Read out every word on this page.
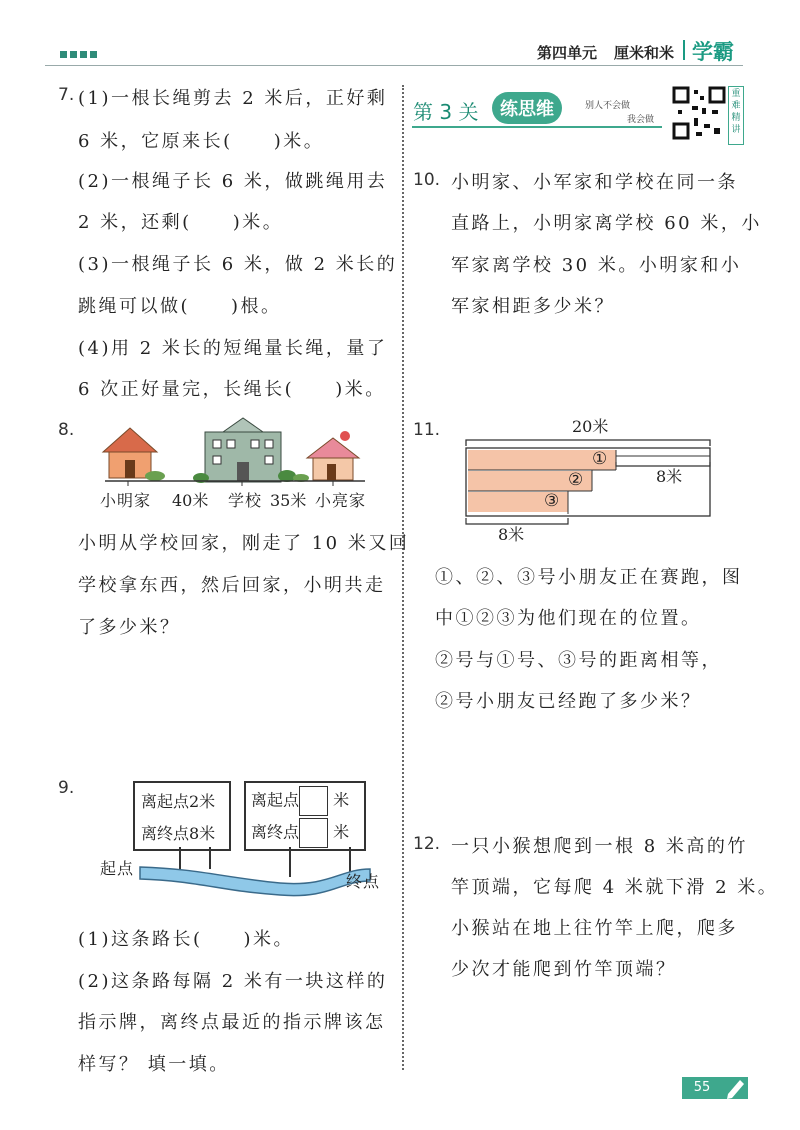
第四单元 厘米和米 学霸
7. (1)一根长绳剪去 2 米后，正好剩
6 米，它原来长(　　)米。
(2)一根绳子长 6 米，做跳绳用去
2 米，还剩(　　)米。
(3)一根绳子长 6 米，做 2 米长的
跳绳可以做(　　)根。
(4)用 2 米长的短绳量长绳，量了
6 次正好量完，长绳长(　　)米。
8.
小明家 40米 学校 35米 小亮家
小明从学校回家，刚走了 10 米又回
学校拿东西，然后回家，小明共走
了多少米？
9.
离起点2米
离终点8米
离起点 米
离终点 米
起点
终点
(1)这条路长(　　)米。
(2)这条路每隔 2 米有一块这样的
指示牌，离终点最近的指示牌该怎
样写？ 填一填。
第 3 关	练思维	别人不会做
我会做
重难精讲
10. 小明家、小军家和学校在同一条
直路上，小明家离学校 60 米，小
军家离学校 30 米。小明家和小
军家相距多少米？
11.	20米
8米
8米
①
②
③
①、②、③号小朋友正在赛跑，图
中①②③为他们现在的位置。
②号与①号、③号的距离相等，
②号小朋友已经跑了多少米？
12. 一只小猴想爬到一根 8 米高的竹
竿顶端，它每爬 4 米就下滑 2 米。
小猴站在地上往竹竿上爬，爬多
少次才能爬到竹竿顶端？
55
